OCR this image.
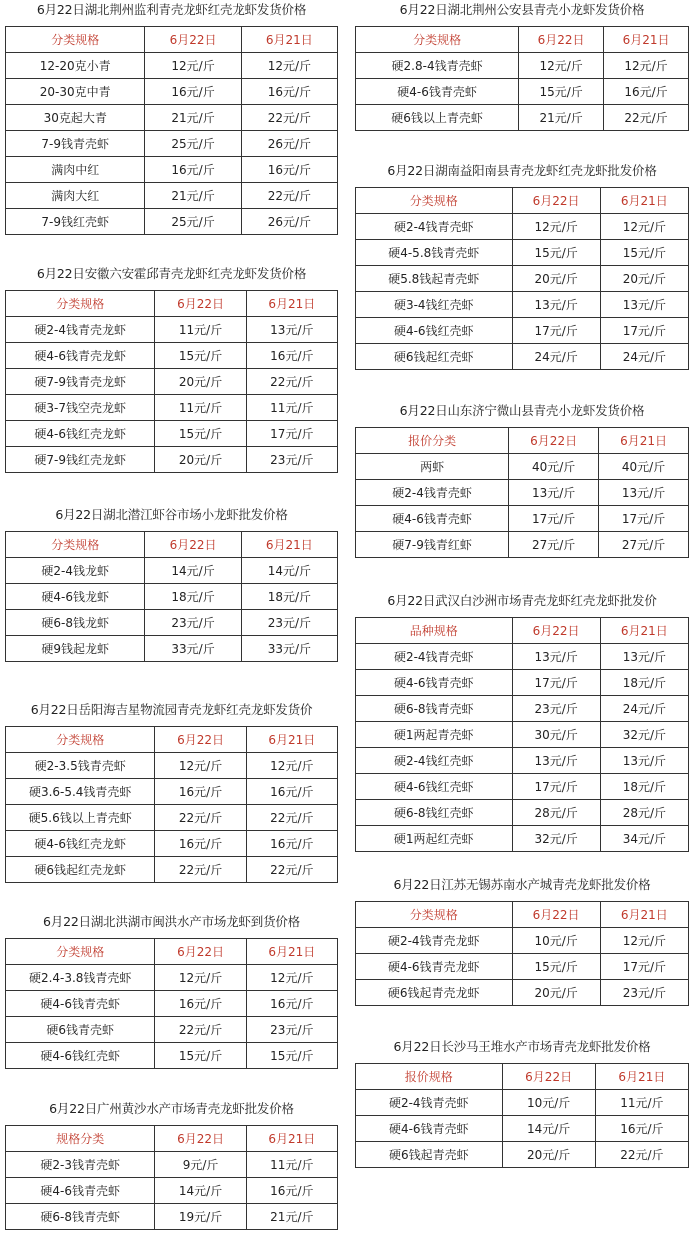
6月22日湖北荆州监利青壳龙虾红壳龙虾发货价格
分类规格	6月22日	6月21日
12-20克小青	12元/斤	12元/斤
20-30克中青	16元/斤	16元/斤
30克起大青	21元/斤	22元/斤
7-9钱青壳虾	25元/斤	26元/斤
满肉中红	16元/斤	16元/斤
满肉大红	21元/斤	22元/斤
7-9钱红壳虾	25元/斤	26元/斤
6月22日安徽六安霍邱青壳龙虾红壳龙虾发货价格
分类规格	6月22日	6月21日
硬2-4钱青壳龙虾	11元/斤	13元/斤
硬4-6钱青壳龙虾	15元/斤	16元/斤
硬7-9钱青壳龙虾	20元/斤	22元/斤
硬3-7钱空壳龙虾	11元/斤	11元/斤
硬4-6钱红壳龙虾	15元/斤	17元/斤
硬7-9钱红壳龙虾	20元/斤	23元/斤
6月22日湖北潜江虾谷市场小龙虾批发价格
分类规格	6月22日	6月21日
硬2-4钱龙虾	14元/斤	14元/斤
硬4-6钱龙虾	18元/斤	18元/斤
硬6-8钱龙虾	23元/斤	23元/斤
硬9钱起龙虾	33元/斤	33元/斤
6月22日岳阳海吉星物流园青壳龙虾红壳龙虾发货价
分类规格	6月22日	6月21日
硬2-3.5钱青壳虾	12元/斤	12元/斤
硬3.6-5.4钱青壳虾	16元/斤	16元/斤
硬5.6钱以上青壳虾	22元/斤	22元/斤
硬4-6钱红壳龙虾	16元/斤	16元/斤
硬6钱起红壳龙虾	22元/斤	22元/斤
6月22日湖北洪湖市闽洪水产市场龙虾到货价格
分类规格	6月22日	6月21日
硬2.4-3.8钱青壳虾	12元/斤	12元/斤
硬4-6钱青壳虾	16元/斤	16元/斤
硬6钱青壳虾	22元/斤	23元/斤
硬4-6钱红壳虾	15元/斤	15元/斤
6月22日广州黄沙水产市场青壳龙虾批发价格
规格分类	6月22日	6月21日
硬2-3钱青壳虾	9元/斤	11元/斤
硬4-6钱青壳虾	14元/斤	16元/斤
硬6-8钱青壳虾	19元/斤	21元/斤
6月22日湖北荆州公安县青壳小龙虾发货价格
分类规格	6月22日	6月21日
硬2.8-4钱青壳虾	12元/斤	12元/斤
硬4-6钱青壳虾	15元/斤	16元/斤
硬6钱以上青壳虾	21元/斤	22元/斤
6月22日湖南益阳南县青壳龙虾红壳龙虾批发价格
分类规格	6月22日	6月21日
硬2-4钱青壳虾	12元/斤	12元/斤
硬4-5.8钱青壳虾	15元/斤	15元/斤
硬5.8钱起青壳虾	20元/斤	20元/斤
硬3-4钱红壳虾	13元/斤	13元/斤
硬4-6钱红壳虾	17元/斤	17元/斤
硬6钱起红壳虾	24元/斤	24元/斤
6月22日山东济宁微山县青壳小龙虾发货价格
报价分类	6月22日	6月21日
两虾	40元/斤	40元/斤
硬2-4钱青壳虾	13元/斤	13元/斤
硬4-6钱青壳虾	17元/斤	17元/斤
硬7-9钱青红虾	27元/斤	27元/斤
6月22日武汉白沙洲市场青壳龙虾红壳龙虾批发价
品种规格	6月22日	6月21日
硬2-4钱青壳虾	13元/斤	13元/斤
硬4-6钱青壳虾	17元/斤	18元/斤
硬6-8钱青壳虾	23元/斤	24元/斤
硬1两起青壳虾	30元/斤	32元/斤
硬2-4钱红壳虾	13元/斤	13元/斤
硬4-6钱红壳虾	17元/斤	18元/斤
硬6-8钱红壳虾	28元/斤	28元/斤
硬1两起红壳虾	32元/斤	34元/斤
6月22日江苏无锡苏南水产城青壳龙虾批发价格
分类规格	6月22日	6月21日
硬2-4钱青壳龙虾	10元/斤	12元/斤
硬4-6钱青壳龙虾	15元/斤	17元/斤
硬6钱起青壳龙虾	20元/斤	23元/斤
6月22日长沙马王堆水产市场青壳龙虾批发价格
报价规格	6月22日	6月21日
硬2-4钱青壳虾	10元/斤	11元/斤
硬4-6钱青壳虾	14元/斤	16元/斤
硬6钱起青壳虾	20元/斤	22元/斤
